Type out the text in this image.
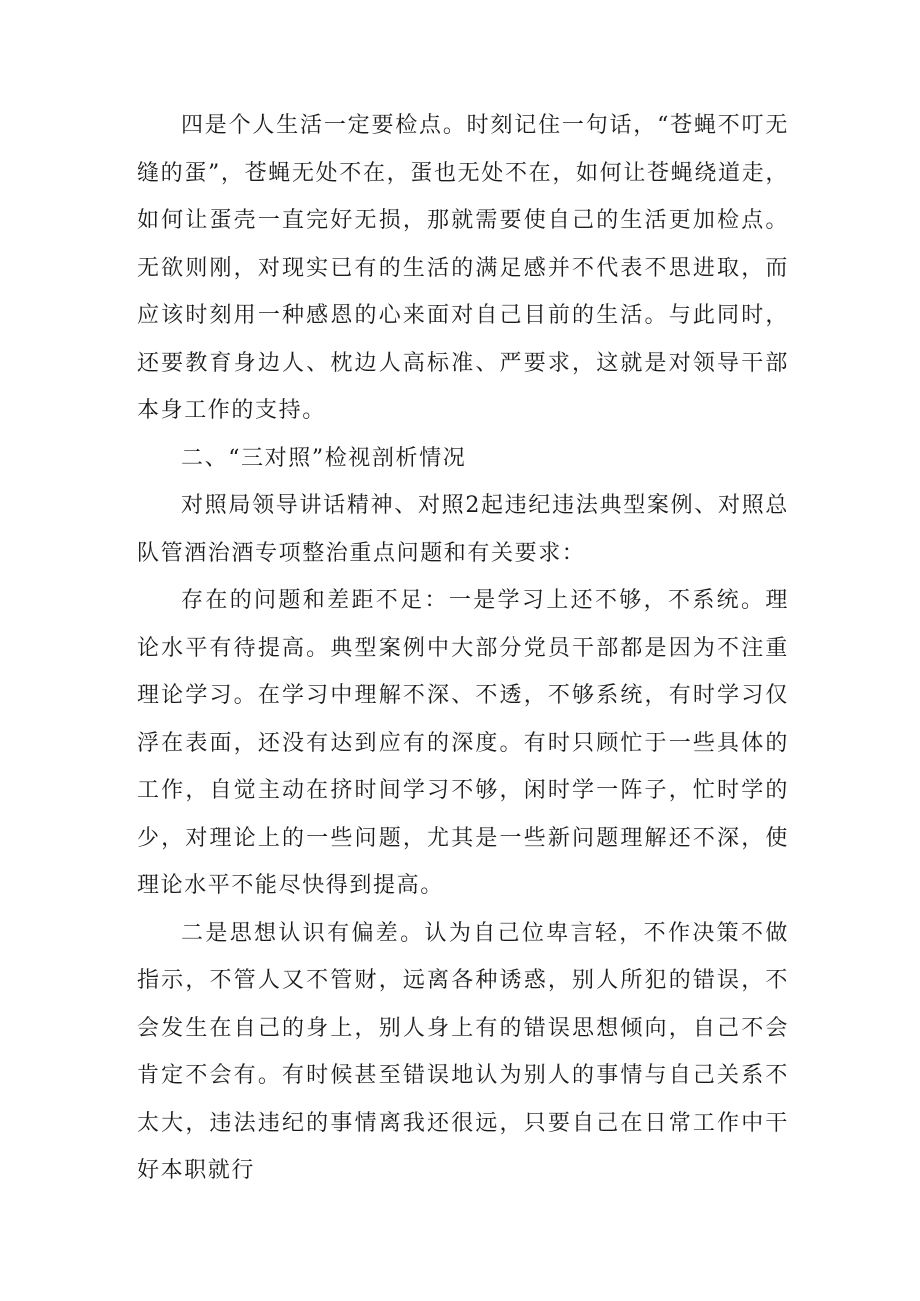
四是个人生活一定要检点。时刻记住一句话，“苍蝇不叮无缝的蛋”，苍蝇无处不在，蛋也无处不在，如何让苍蝇绕道走，如何让蛋壳一直完好无损，那就需要使自己的生活更加检点。无欲则刚，对现实已有的生活的满足感并不代表不思进取，而应该时刻用一种感恩的心来面对自己目前的生活。与此同时，还要教育身边人、枕边人高标准、严要求，这就是对领导干部本身工作的支持。

二、“三对照”检视剖析情况

对照局领导讲话精神、对照2起违纪违法典型案例、对照总队管酒治酒专项整治重点问题和有关要求：

存在的问题和差距不足：一是学习上还不够，不系统。理论水平有待提高。典型案例中大部分党员干部都是因为不注重理论学习。在学习中理解不深、不透，不够系统，有时学习仅浮在表面，还没有达到应有的深度。有时只顾忙于一些具体的工作，自觉主动在挤时间学习不够，闲时学一阵子，忙时学的少，对理论上的一些问题，尤其是一些新问题理解还不深，使理论水平不能尽快得到提高。

二是思想认识有偏差。认为自己位卑言轻，不作决策不做指示，不管人又不管财，远离各种诱惑，别人所犯的错误，不会发生在自己的身上，别人身上有的错误思想倾向，自己不会肯定不会有。有时候甚至错误地认为别人的事情与自己关系不太大，违法违纪的事情离我还很远，只要自己在日常工作中干好本职就行
